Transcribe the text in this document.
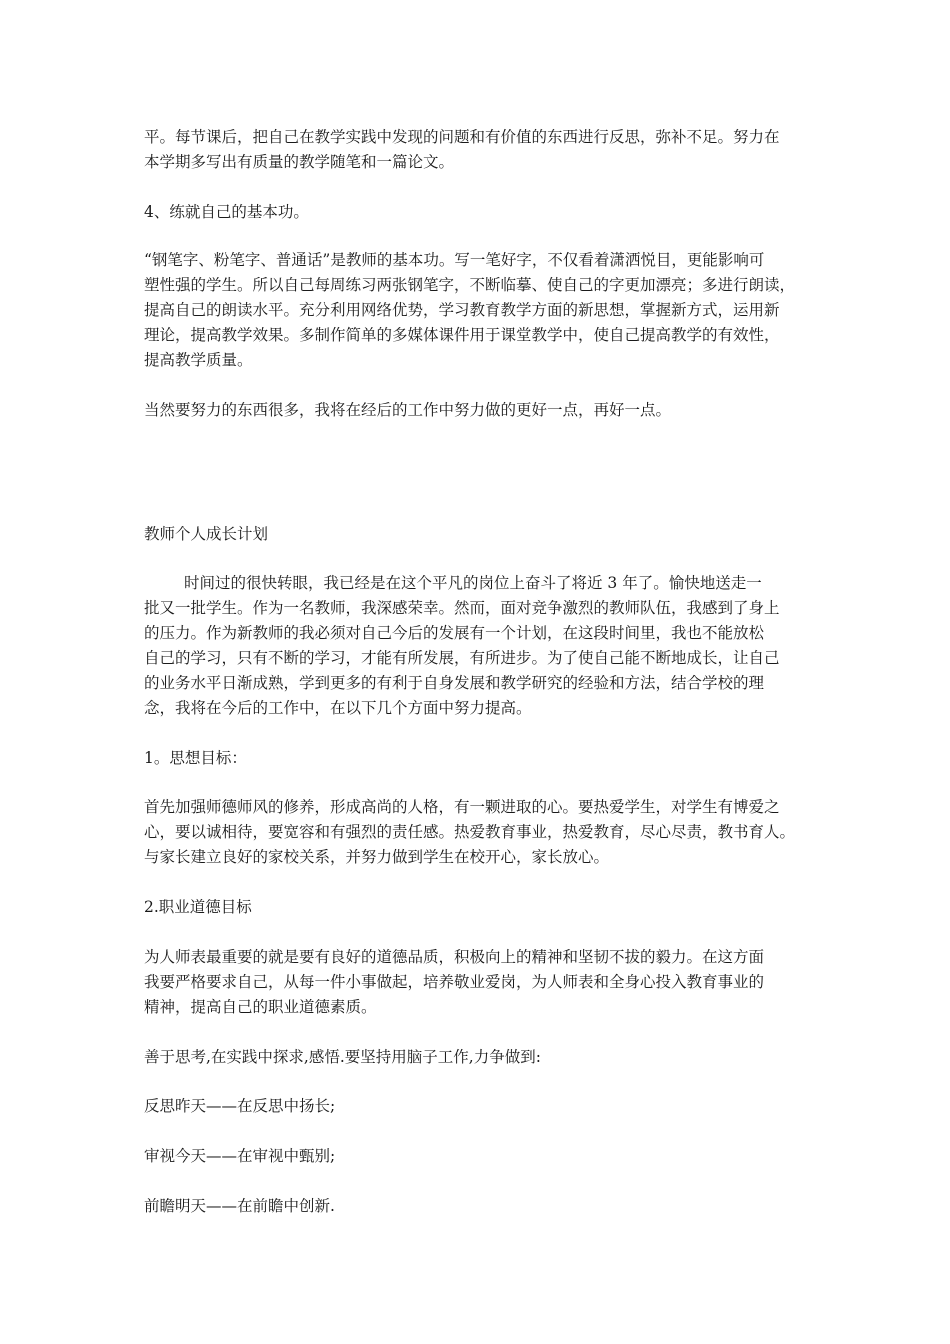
平。每节课后，把自己在教学实践中发现的问题和有价值的东西进行反思，弥补不足。努力在
本学期多写出有质量的教学随笔和一篇论文。

4、练就自己的基本功。

“钢笔字、粉笔字、普通话”是教师的基本功。写一笔好字，不仅看着潇洒悦目，更能影响可
塑性强的学生。所以自己每周练习两张钢笔字，不断临摹、使自己的字更加漂亮；多进行朗读，
提高自己的朗读水平。充分利用网络优势，学习教育教学方面的新思想，掌握新方式，运用新
理论，提高教学效果。多制作简单的多媒体课件用于课堂教学中，使自己提高教学的有效性，
提高教学质量。

当然要努力的东西很多，我将在经后的工作中努力做的更好一点，再好一点。

教师个人成长计划

时间过的很快转眼，我已经是在这个平凡的岗位上奋斗了将近 3 年了。愉快地送走一
批又一批学生。作为一名教师，我深感荣幸。然而，面对竞争激烈的教师队伍，我感到了身上
的压力。作为新教师的我必须对自己今后的发展有一个计划，在这段时间里，我也不能放松
自己的学习，只有不断的学习，才能有所发展，有所进步。为了使自己能不断地成长，让自己
的业务水平日渐成熟，学到更多的有利于自身发展和教学研究的经验和方法，结合学校的理
念，我将在今后的工作中，在以下几个方面中努力提高。

1。思想目标：

首先加强师德师风的修养，形成高尚的人格，有一颗进取的心。要热爱学生，对学生有博爱之
心，要以诚相待，要宽容和有强烈的责任感。热爱教育事业，热爱教育，尽心尽责，教书育人。
与家长建立良好的家校关系，并努力做到学生在校开心，家长放心。

2.职业道德目标

为人师表最重要的就是要有良好的道德品质，积极向上的精神和坚韧不拔的毅力。在这方面
我要严格要求自己，从每一件小事做起，培养敬业爱岗，为人师表和全身心投入教育事业的
精神，提高自己的职业道德素质。

善于思考,在实践中探求,感悟.要坚持用脑子工作,力争做到:

反思昨天——在反思中扬长;

审视今天——在审视中甄别;

前瞻明天——在前瞻中创新.
